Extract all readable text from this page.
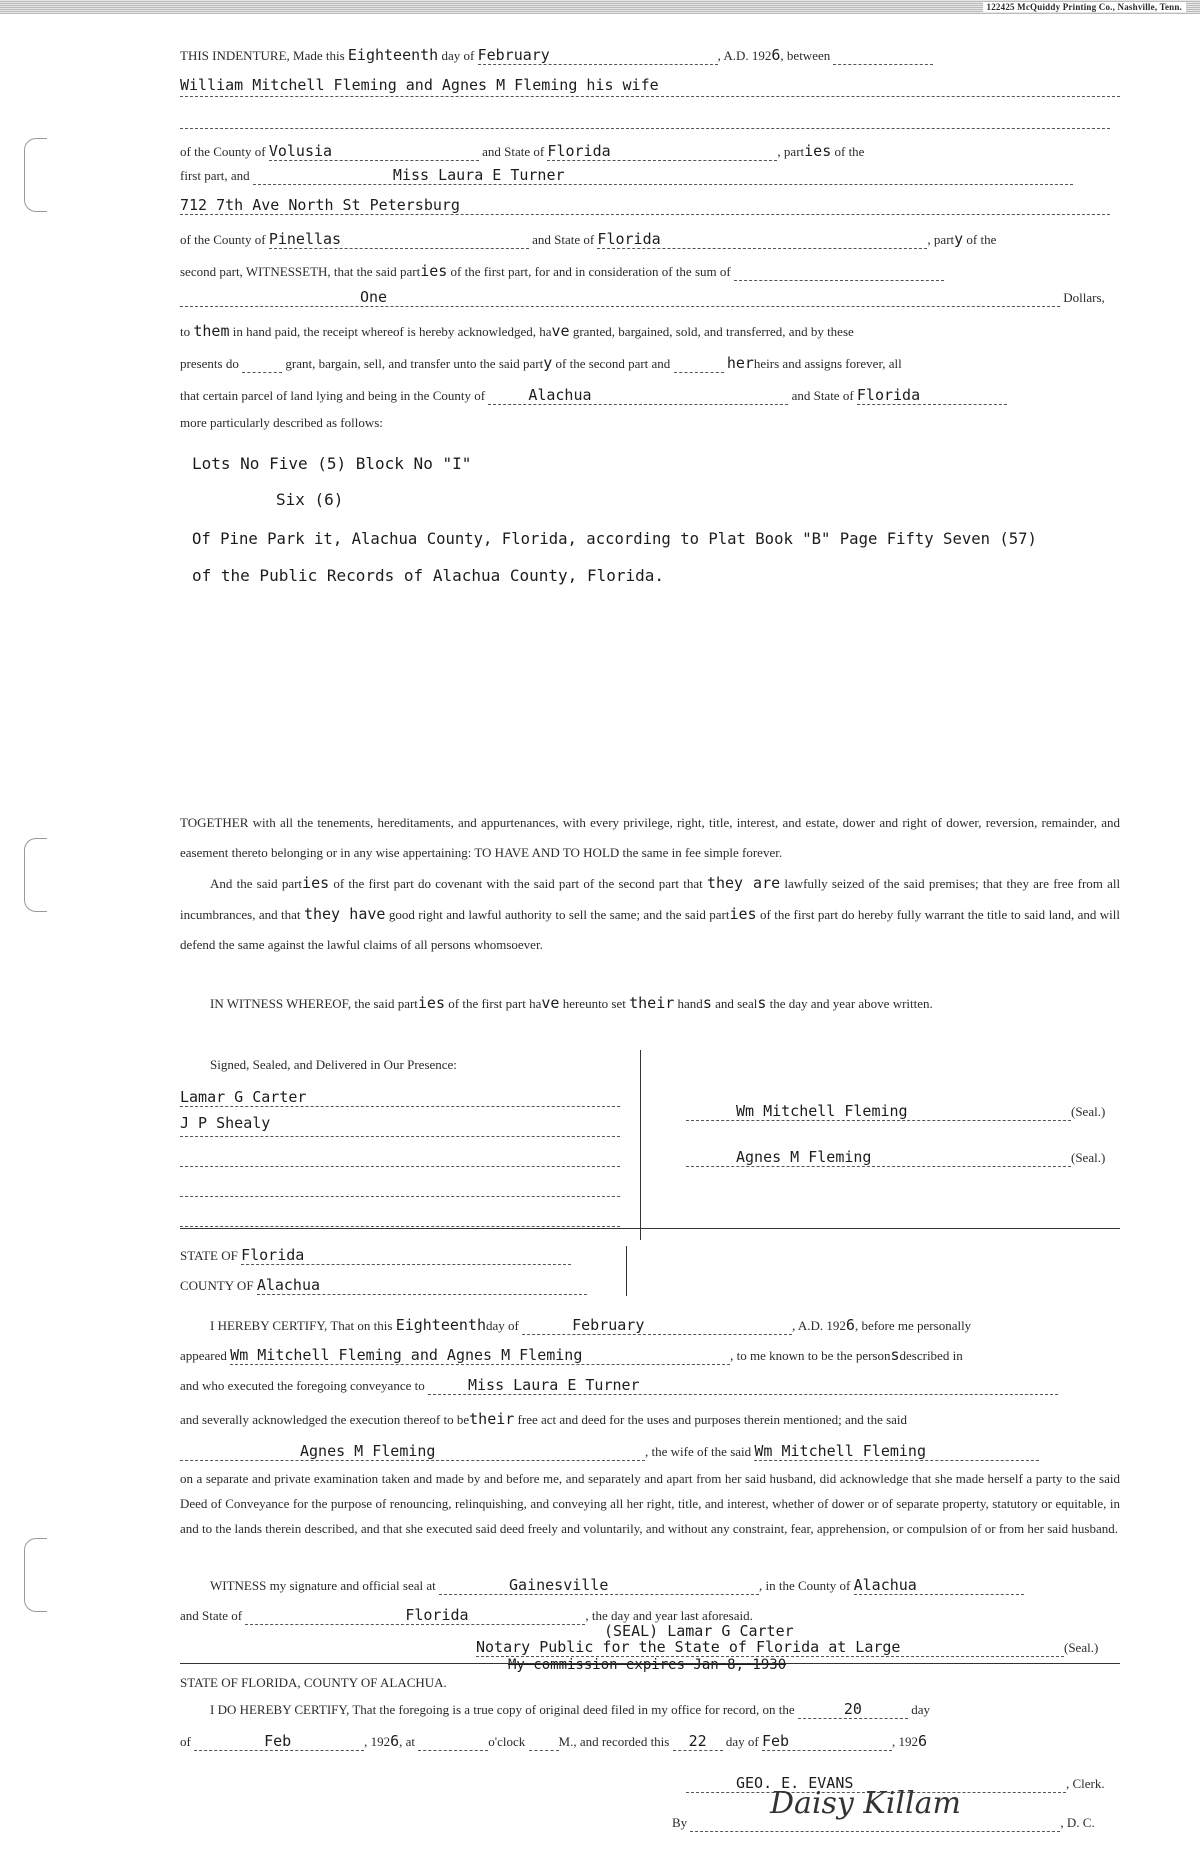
122425 McQuiddy Printing Co., Nashville, Tenn.
THIS INDENTURE, Made this Eighteenth day of February	, A.D. 1926, between
William Mitchell Fleming and Agnes M Fleming his wife
of the County of Volusia	and State of Florida	, parties of the
first part, and	Miss Laura E Turner
712 7th Ave North St Petersburg
of the County of Pinellas	and State of Florida	, party of the
second part, WITNESSETH, that the said parties of the first part, for and in consideration of the sum of
One	Dollars,
to them in hand paid, the receipt whereof is hereby acknowledged, have granted, bargained, sold, and transferred, and by these
presents do	grant, bargain, sell, and transfer unto the said party of the second part and	herheirs and assigns forever, all
that certain parcel of land lying and being in the County of	Alachua	and State of Florida
more particularly described as follows:
Lots No Five (5) Block No "I"
Six (6)
Of Pine Park it, Alachua County, Florida, according to Plat Book "B" Page Fifty Seven (57)
of the Public Records of Alachua County, Florida.
TOGETHER with all the tenements, hereditaments, and appurtenances, with every privilege, right, title, interest, and estate, dower and right of dower, reversion, remainder, and easement thereto belonging or in any wise appertaining: TO HAVE AND TO HOLD the same in fee simple forever.
And the said parties of the first part do covenant with the said part of the second part that they are lawfully seized of the said premises; that they are free from all incumbrances, and that they have good right and lawful authority to sell the same; and the said parties of the first part do hereby fully warrant the title to said land, and will defend the same against the lawful claims of all persons whomsoever.
IN WITNESS WHEREOF, the said parties of the first part have hereunto set their hands and seals the day and year above written.
Signed, Sealed, and Delivered in Our Presence:
Lamar G Carter
J P Shealy
Wm Mitchell Fleming	(Seal.)
Agnes M Fleming	(Seal.)
STATE OF Florida
COUNTY OF Alachua
I HEREBY CERTIFY, That on this Eighteenthday of	February	, A.D. 1926, before me personally
appeared Wm Mitchell Fleming and Agnes M Fleming	, to me known to be the personsdescribed in
and who executed the foregoing conveyance to	Miss Laura E Turner
and severally acknowledged the execution thereof to betheir free act and deed for the uses and purposes therein mentioned; and the said
Agnes M Fleming	, the wife of the said Wm Mitchell Fleming
on a separate and private examination taken and made by and before me, and separately and apart from her said husband, did acknowledge that she made herself a party to the said Deed of Conveyance for the purpose of renouncing, relinquishing, and conveying all her right, title, and interest, whether of dower or of separate property, statutory or equitable, in and to the lands therein described, and that she executed said deed freely and voluntarily, and without any constraint, fear, apprehension, or compulsion of or from her said husband.
WITNESS my signature and official seal at	Gainesville	, in the County of Alachua
and State of	Florida	, the day and year last aforesaid.
(SEAL) Lamar G Carter
Notary Public for the State of Florida at Large	(Seal.)
My commission expires Jan 8, 1930
STATE OF FLORIDA, COUNTY OF ALACHUA.
I DO HEREBY CERTIFY, That the foregoing is a true copy of original deed filed in my office for record, on the	20	day
of	Feb	, 1926, at	o'clock	M., and recorded this 22 day of Feb	, 1926
GEO. E. EVANS	, Clerk.
By	, D. C.
Daisy Killam
